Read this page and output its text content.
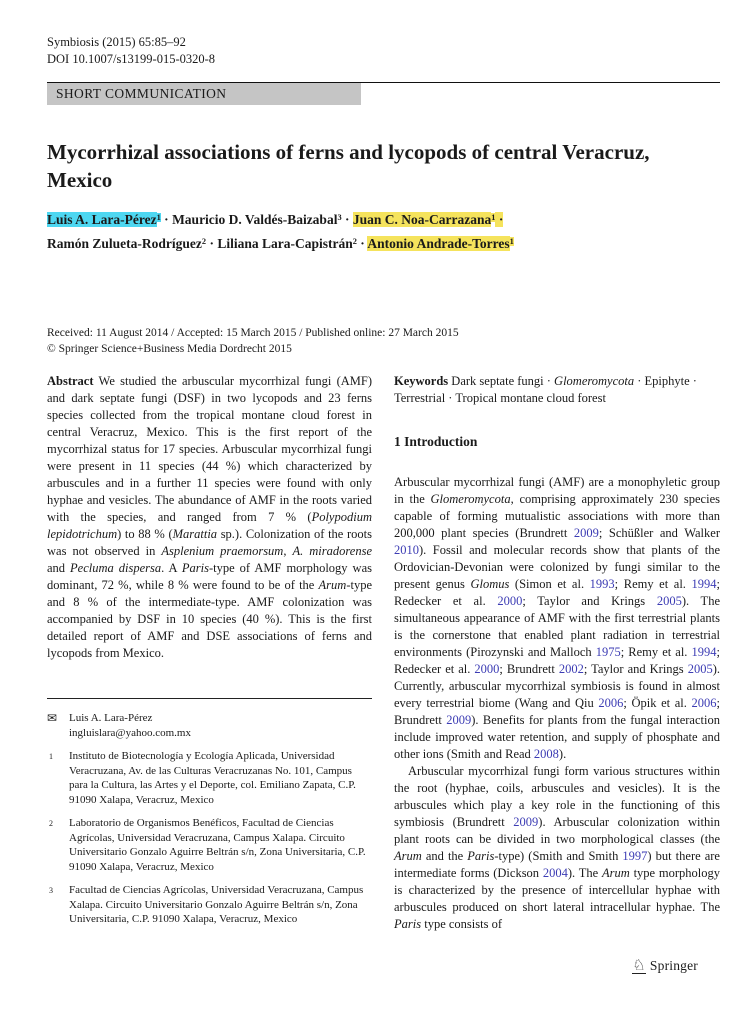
Symbiosis (2015) 65:85–92
DOI 10.1007/s13199-015-0320-8
SHORT COMMUNICATION
Mycorrhizal associations of ferns and lycopods of central Veracruz, Mexico
Luis A. Lara-Pérez$^1$ · Mauricio D. Valdés-Baizabal$^3$ · Juan C. Noa-Carrazana$^1$ ·
Ramón Zulueta-Rodríguez$^2$ · Liliana Lara-Capistrán$^2$ · Antonio Andrade-Torres$^1$
Received: 11 August 2014 / Accepted: 15 March 2015 / Published online: 27 March 2015
© Springer Science+Business Media Dordrecht 2015

Abstract We studied the arbuscular mycorrhizal fungi (AMF) and dark septate fungi (DSF) in two lycopods and 23 ferns species collected from the tropical montane cloud forest in central Veracruz, Mexico. This is the first report of the mycorrhizal status for 17 species. Arbuscular mycorrhizal fungi were present in 11 species (44 %) which characterized by arbuscules and in a further 11 species were found with only hyphae and vesicles. The abundance of AMF in the roots varied with the species, and ranged from 7 % (Polypodium lepidotrichum) to 88 % (Marattia sp.). Colonization of the roots was not observed in Asplenium praemorsum, A. miradorense and Pecluma dispersa. A Paris-type of AMF morphology was dominant, 72 %, while 8 % were found to be of the Arum-type and 8 % of the intermediate-type. AMF colonization was accompanied by DSF in 10 species (40 %). This is the first detailed report of AMF and DSE associations of ferns and lycopods from Mexico.

✉	Luis A. Lara-Pérez
ingluislara@yahoo.com.mx
1	Instituto de Biotecnología y Ecología Aplicada, Universidad Veracruzana, Av. de las Culturas Veracruzanas No. 101, Campus para la Cultura, las Artes y el Deporte, col. Emiliano Zapata, C.P. 91090 Xalapa, Veracruz, Mexico
2	Laboratorio de Organismos Benéficos, Facultad de Ciencias Agrícolas, Universidad Veracruzana, Campus Xalapa. Circuito Universitario Gonzalo Aguirre Beltrán s/n, Zona Universitaria, C.P. 91090 Xalapa, Veracruz, Mexico
3	Facultad de Ciencias Agrícolas, Universidad Veracruzana, Campus Xalapa. Circuito Universitario Gonzalo Aguirre Beltrán s/n, Zona Universitaria, C.P. 91090 Xalapa, Veracruz, Mexico

Keywords Dark septate fungi · Glomeromycota · Epiphyte · Terrestrial · Tropical montane cloud forest

1 Introduction

Arbuscular mycorrhizal fungi (AMF) are a monophyletic group in the Glomeromycota, comprising approximately 230 species capable of forming mutualistic associations with more than 200,000 plant species (Brundrett 2009; Schüßler and Walker 2010). Fossil and molecular records show that plants of the Ordovician-Devonian were colonized by fungi similar to the present genus Glomus (Simon et al. 1993; Remy et al. 1994; Redecker et al. 2000; Taylor and Krings 2005). The simultaneous appearance of AMF with the first terrestrial plants is the cornerstone that enabled plant radiation in terrestrial environments (Pirozynski and Malloch 1975; Remy et al. 1994; Redecker et al. 2000; Brundrett 2002; Taylor and Krings 2005). Currently, arbuscular mycorrhizal symbiosis is found in almost every terrestrial biome (Wang and Qiu 2006; Öpik et al. 2006; Brundrett 2009). Benefits for plants from the fungal interaction include improved water retention, and supply of phosphate and other ions (Smith and Read 2008).

Arbuscular mycorrhizal fungi form various structures within the root (hyphae, coils, arbuscules and vesicles). It is the arbuscules which play a key role in the functioning of this symbiosis (Brundrett 2009). Arbuscular colonization within plant roots can be divided in two morphological classes (the Arum and the Paris-type) (Smith and Smith 1997) but there are intermediate forms (Dickson 2004). The Arum type morphology is characterized by the presence of intercellular hyphae with arbuscules produced on short lateral intracellular hyphae. The Paris type consists of

♘ Springer
